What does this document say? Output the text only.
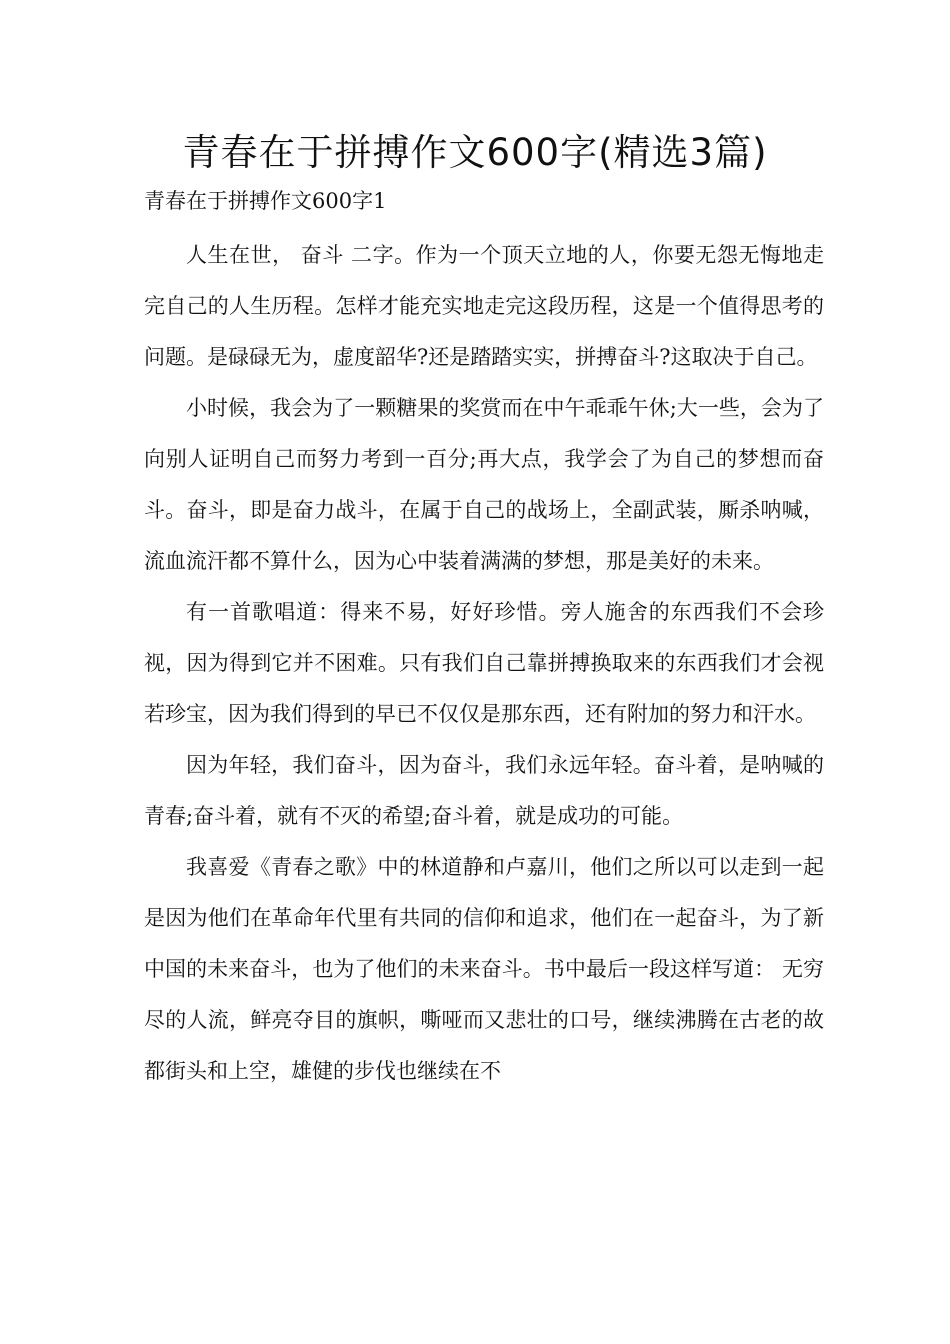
青春在于拼搏作文600字(精选3篇)
青春在于拼搏作文600字1

人生在世， 奋斗 二字。作为一个顶天立地的人，你要无怨无悔地走完自己的人生历程。怎样才能充实地走完这段历程，这是一个值得思考的问题。是碌碌无为，虚度韶华?还是踏踏实实，拼搏奋斗?这取决于自己。

小时候，我会为了一颗糖果的奖赏而在中午乖乖午休;大一些，会为了向别人证明自己而努力考到一百分;再大点，我学会了为自己的梦想而奋斗。奋斗，即是奋力战斗，在属于自己的战场上，全副武装，厮杀呐喊，流血流汗都不算什么，因为心中装着满满的梦想，那是美好的未来。

有一首歌唱道：得来不易，好好珍惜。旁人施舍的东西我们不会珍视，因为得到它并不困难。只有我们自己靠拼搏换取来的东西我们才会视若珍宝，因为我们得到的早已不仅仅是那东西，还有附加的努力和汗水。

因为年轻，我们奋斗，因为奋斗，我们永远年轻。奋斗着，是呐喊的青春;奋斗着，就有不灭的希望;奋斗着，就是成功的可能。

我喜爱《青春之歌》中的林道静和卢嘉川，他们之所以可以走到一起是因为他们在革命年代里有共同的信仰和追求，他们在一起奋斗，为了新中国的未来奋斗，也为了他们的未来奋斗。书中最后一段这样写道： 无穷尽的人流，鲜亮夺目的旗帜，嘶哑而又悲壮的口号，继续沸腾在古老的故都街头和上空，雄健的步伐也继续在不
